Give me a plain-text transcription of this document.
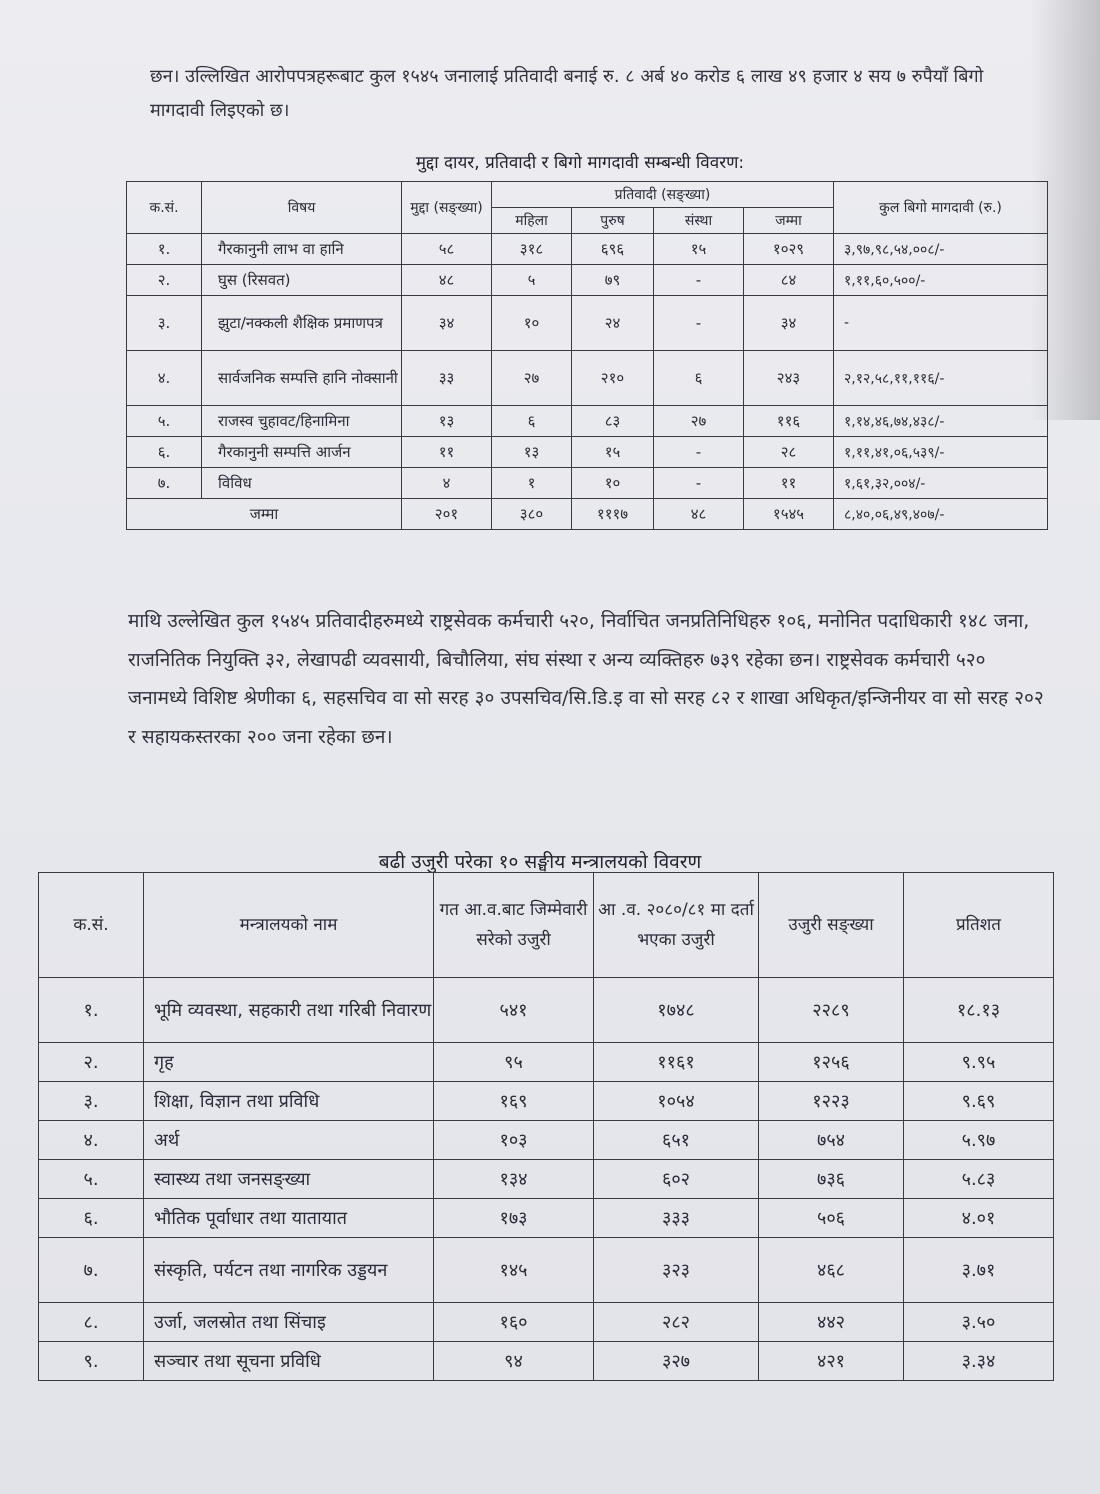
छन। उल्लिखित आरोपपत्रहरूबाट कुल १५४५ जनालाई प्रतिवादी बनाई रु. ८ अर्ब ४० करोड ६ लाख ४९ हजार ४ सय ७ रुपैयाँ बिगो मागदावी लिइएको छ।

मुद्दा दायर, प्रतिवादी र बिगो मागदावी सम्बन्धी विवरण:

क.सं.	विषय	मुद्दा (सङ्ख्या)	प्रतिवादी (सङ्ख्या)				कुल बिगो मागदावी (रु.)
			महिला	पुरुष	संस्था	जम्मा	
१.	गैरकानुनी लाभ वा हानि	५८	३१८	६९६	१५	१०२९	३,९७,९८,५४,००८/-
२.	घुस (रिसवत)	४८	५	७९	-	८४	१,११,६०,५००/-
३.	झुटा/नक्कली शैक्षिक प्रमाणपत्र	३४	१०	२४	-	३४	-
४.	सार्वजनिक सम्पत्ति हानि नोक्सानी	३३	२७	२१०	६	२४३	२,१२,५८,११,११६/-
५.	राजस्व चुहावट/हिनामिना	१३	६	८३	२७	११६	१,१४,४६,७४,४३८/-
६.	गैरकानुनी सम्पत्ति आर्जन	११	१३	१५	-	२८	१,११,४१,०६,५३९/-
७.	विविध	४	१	१०	-	११	१,६१,३२,००४/-
जम्मा		२०१	३८०	१११७	४८	१५४५	८,४०,०६,४९,४०७/-

माथि उल्लेखित कुल १५४५ प्रतिवादीहरुमध्ये राष्ट्रसेवक कर्मचारी ५२०, निर्वाचित जनप्रतिनिधिहरु १०६, मनोनित पदाधिकारी १४८ जना, राजनितिक नियुक्ति ३२, लेखापढी व्यवसायी, बिचौलिया, संघ संस्था र अन्य व्यक्तिहरु ७३९ रहेका छन। राष्ट्रसेवक कर्मचारी ५२० जनामध्ये विशिष्ट श्रेणीका ६, सहसचिव वा सो सरह ३० उपसचिव/सि.डि.इ वा सो सरह ८२ र शाखा अधिकृत/इन्जिनीयर वा सो सरह २०२ र सहायकस्तरका २०० जना रहेका छन।

बढी उजुरी परेका १० सङ्घीय मन्त्रालयको विवरण

क.सं.	मन्त्रालयको नाम	गत आ.व.बाट जिम्मेवारी सरेको उजुरी	आ .व. २०८०/८१ मा दर्ता भएका उजुरी	उजुरी सङ्ख्या	प्रतिशत
१.	भूमि व्यवस्था, सहकारी तथा गरिबी निवारण	५४१	१७४८	२२८९	१८.१३
२.	गृह	९५	११६१	१२५६	९.९५
३.	शिक्षा, विज्ञान तथा प्रविधि	१६९	१०५४	१२२३	९.६९
४.	अर्थ	१०३	६५१	७५४	५.९७
५.	स्वास्थ्य तथा जनसङ्ख्या	१३४	६०२	७३६	५.८३
६.	भौतिक पूर्वाधार तथा यातायात	१७३	३३३	५०६	४.०१
७.	संस्कृति, पर्यटन तथा नागरिक उड्डयन	१४५	३२३	४६८	३.७१
८.	उर्जा, जलस्रोत तथा सिंचाइ	१६०	२८२	४४२	३.५०
९.	सञ्चार तथा सूचना प्रविधि	९४	३२७	४२१	३.३४
